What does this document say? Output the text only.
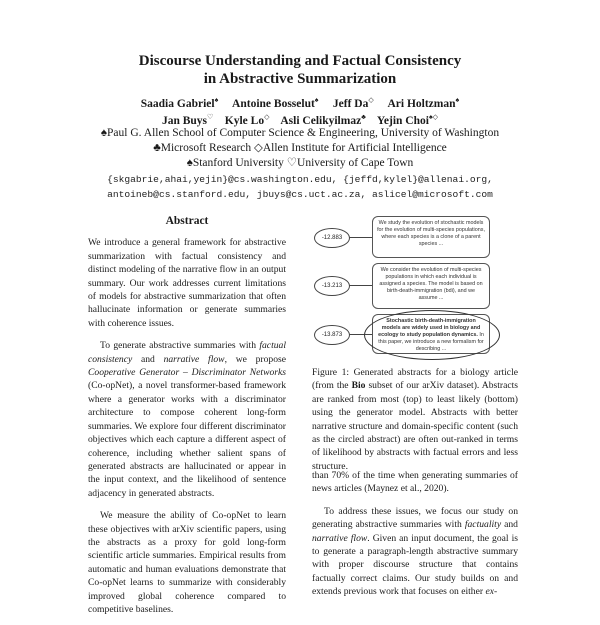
Discourse Understanding and Factual Consistency
in Abstractive Summarization
Saadia Gabriel♠ Antoine Bosselut♠ Jeff Da◇ Ari Holtzman♠
Jan Buys♡ Kyle Lo◇ Asli Celikyilmaz♣ Yejin Choi♠◇
♠Paul G. Allen School of Computer Science & Engineering, University of Washington
♣Microsoft Research ◇Allen Institute for Artificial Intelligence
♠Stanford University ♡University of Cape Town
{skgabrie,ahai,yejin}@cs.washington.edu, {jeffd,kylel}@allenai.org,
antoineb@cs.stanford.edu, jbuys@cs.uct.ac.za, aslicel@microsoft.com

Abstract

We introduce a general framework for abstractive summarization with factual consistency and distinct modeling of the narrative flow in an output summary. Our work addresses current limitations of models for abstractive summarization that often hallucinate information or generate summaries with coherence issues.

To generate abstractive summaries with factual consistency and narrative flow, we propose Cooperative Generator – Discriminator Networks (Co-opNet), a novel transformer-based framework where a generator works with a discriminator architecture to compose coherent long-form summaries. We explore four different discriminator objectives which each capture a different aspect of coherence, including whether salient spans of generated abstracts are hallucinated or appear in the input context, and the likelihood of sentence adjacency in generated abstracts.

We measure the ability of Co-opNet to learn these objectives with arXiv scientific papers, using the abstracts as a proxy for gold long-form scientific article summaries. Empirical results from automatic and human evaluations demonstrate that Co-opNet learns to summarize with considerably improved global coherence compared to competitive baselines.

-12.883
-13.213
-13.873
We study the evolution of stochastic models for the evolution of multi-species populations, where each species is a clone of a parent species ...
We consider the evolution of multi-species populations in which each individual is assigned a species. The model is based on birth-death-immigration (bdi), and we assume ...
Stochastic birth-death-immigration models are widely used in biology and ecology to study population dynamics. In this paper, we introduce a new formalism for describing ...

Figure 1: Generated abstracts for a biology article (from the Bio subset of our arXiv dataset). Abstracts are ranked from most (top) to least likely (bottom) using the generator model. Abstracts with better narrative structure and domain-specific content (such as the circled abstract) are often out-ranked in terms of likelihood by abstracts with factual errors and less structure.

than 70% of the time when generating summaries of news articles (Maynez et al., 2020).

To address these issues, we focus our study on generating abstractive summaries with factuality and narrative flow. Given an input document, the goal is to generate a paragraph-length abstractive summary with proper discourse structure that contains factually correct claims. Our study builds on and extends previous work that focuses on either ex-
